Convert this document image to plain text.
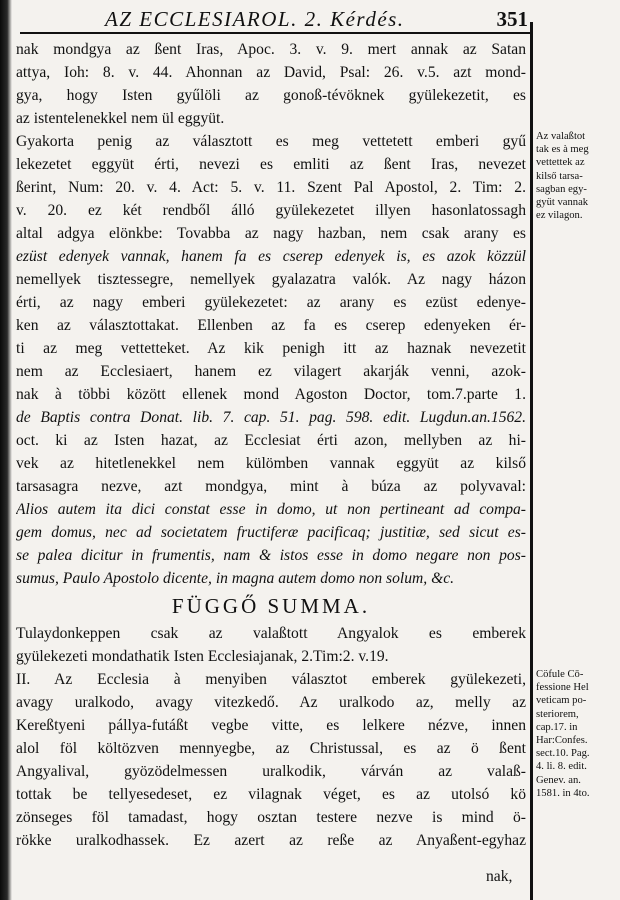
AZ ECCLESIAROL. 2. Kérdés.	351
nak mondgya az ßent Iras, Apoc. 3. v. 9. mert annak az Satan
attya, Ioh: 8. v. 44. Ahonnan az David, Psal: 26. v.5. azt mond-
gya, hogy Isten gyűlöli az gonoß-tévöknek gyülekezetit, es
az istentelenekkel nem ül eggyüt.
Gyakorta penig az választott es meg vettetett emberi gyű
lekezetet eggyüt érti, nevezi es emliti az ßent Iras, nevezet
ßerint, Num: 20. v. 4. Act: 5. v. 11. Szent Pal Apostol, 2. Tim: 2.
v. 20. ez két rendből álló gyülekezetet illyen hasonlatossagh
altal adgya elönkbe: Tovabba az nagy hazban, nem csak arany es
ezüst edenyek vannak, hanem fa es cserep edenyek is, es azok közzül
nemellyek tisztessegre, nemellyek gyalazatra valók. Az nagy házon
érti, az nagy emberi gyülekezetet: az arany es ezüst edenye-
ken az választottakat. Ellenben az fa es cserep edenyeken ér-
ti az meg vettetteket. Az kik penigh itt az haznak nevezetit
nem az Ecclesiaert, hanem ez vilagert akarják venni, azok-
nak à többi között ellenek mond Agoston Doctor, tom.7.parte 1.
de Baptis contra Donat. lib. 7. cap. 51. pag. 598. edit. Lugdun.an.1562.
oct. ki az Isten hazat, az Ecclesiat érti azon, mellyben az hi-
vek az hitetlenekkel nem külömben vannak eggyüt az kilső
tarsasagra nezve, azt mondgya, mint à búza az polyvaval:
Alios autem ita dici constat esse in domo, ut non pertineant ad compa-
gem domus, nec ad societatem fructiferæ pacificaq; justitiæ, sed sicut es-
se palea dicitur in frumentis, nam & istos esse in domo negare non pos-
sumus, Paulo Apostolo dicente, in magna autem domo non solum, &c.
FÜGGŐ SUMMA.
Tulaydonkeppen csak az valaßtott Angyalok es emberek
gyülekezeti mondathatik Isten Ecclesiajanak, 2.Tim:2. v.19.
II. Az Ecclesia à menyiben választot emberek gyülekezeti,
avagy uralkodo, avagy vitezkedő. Az uralkodo az, melly az
Kereßtyeni pállya-futáßt vegbe vitte, es lelkere nézve, innen
alol föl költözven mennyegbe, az Christussal, es az ö ßent
Angyalival, gyözödelmessen uralkodik, várván az valaß-
tottak be tellyesedeset, ez vilagnak véget, es az utolsó kö
zönseges föl tamadast, hogy osztan testere nezve is mind ö-
rökke uralkodhassek. Ez azert az reße az Anyaßent-egyhaz
Az valaßtot
tak es à meg
vettettek az
kilső tarsa-
sagban egy-
gyüt vannak
ez vilagon.
Cöfule Cō-
fessione Hel
veticam po-
steriorem,
cap.17. in
Har:Confes.
sect.10. Pag.
4. li. 8. edit.
Genev. an.
1581. in 4to.
nak,
